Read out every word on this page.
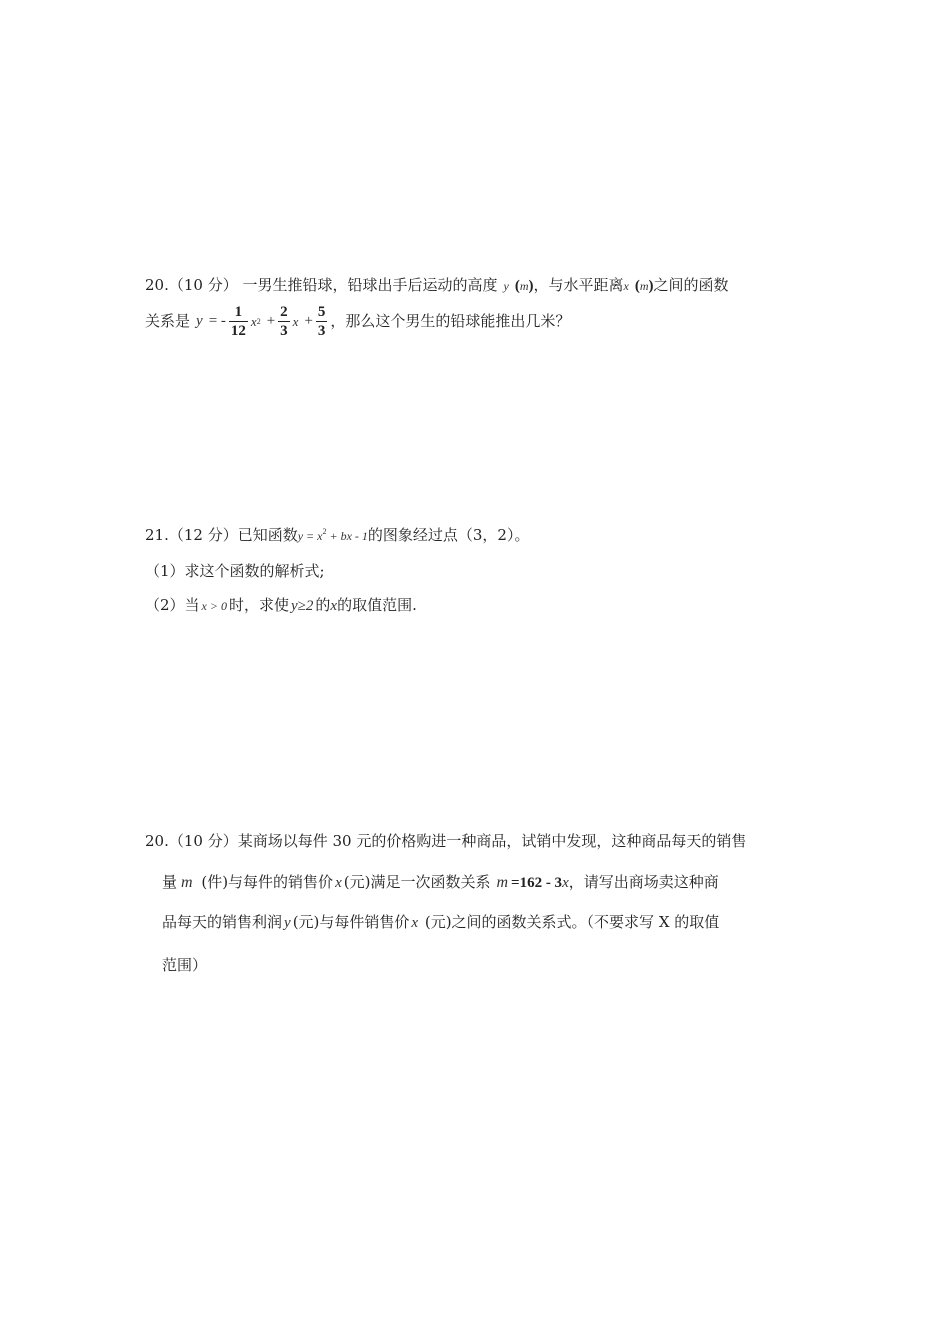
20.（10 分） 一男生推铅球，铅球出手后运动的高度 y (m)，与水平距离x (m)之间的函数
关系是 y = - $\frac{1}{12}$ x $2 + \frac{2}{3}$ $x + \frac{5}{3}$ ，那么这个男生的铅球能推出几米？
21.（12 分）已知函数$y = x^2$ + bx - 1的图象经过点（3，2）。
（1）求这个函数的解析式;
（2）当 x > 0 时，求使 y≥2 的x的取值范围.
20.（10 分）某商场以每件 30 元的价格购进一种商品，试销中发现，这种商品每天的销售
量 m (件)与每件的销售价 x (元)满足一次函数关系 m =162 - 3x，请写出商场卖这种商
品每天的销售利润 y (元)与每件销售价 x (元)之间的函数关系式。（不要求写 X 的取值
范围）
